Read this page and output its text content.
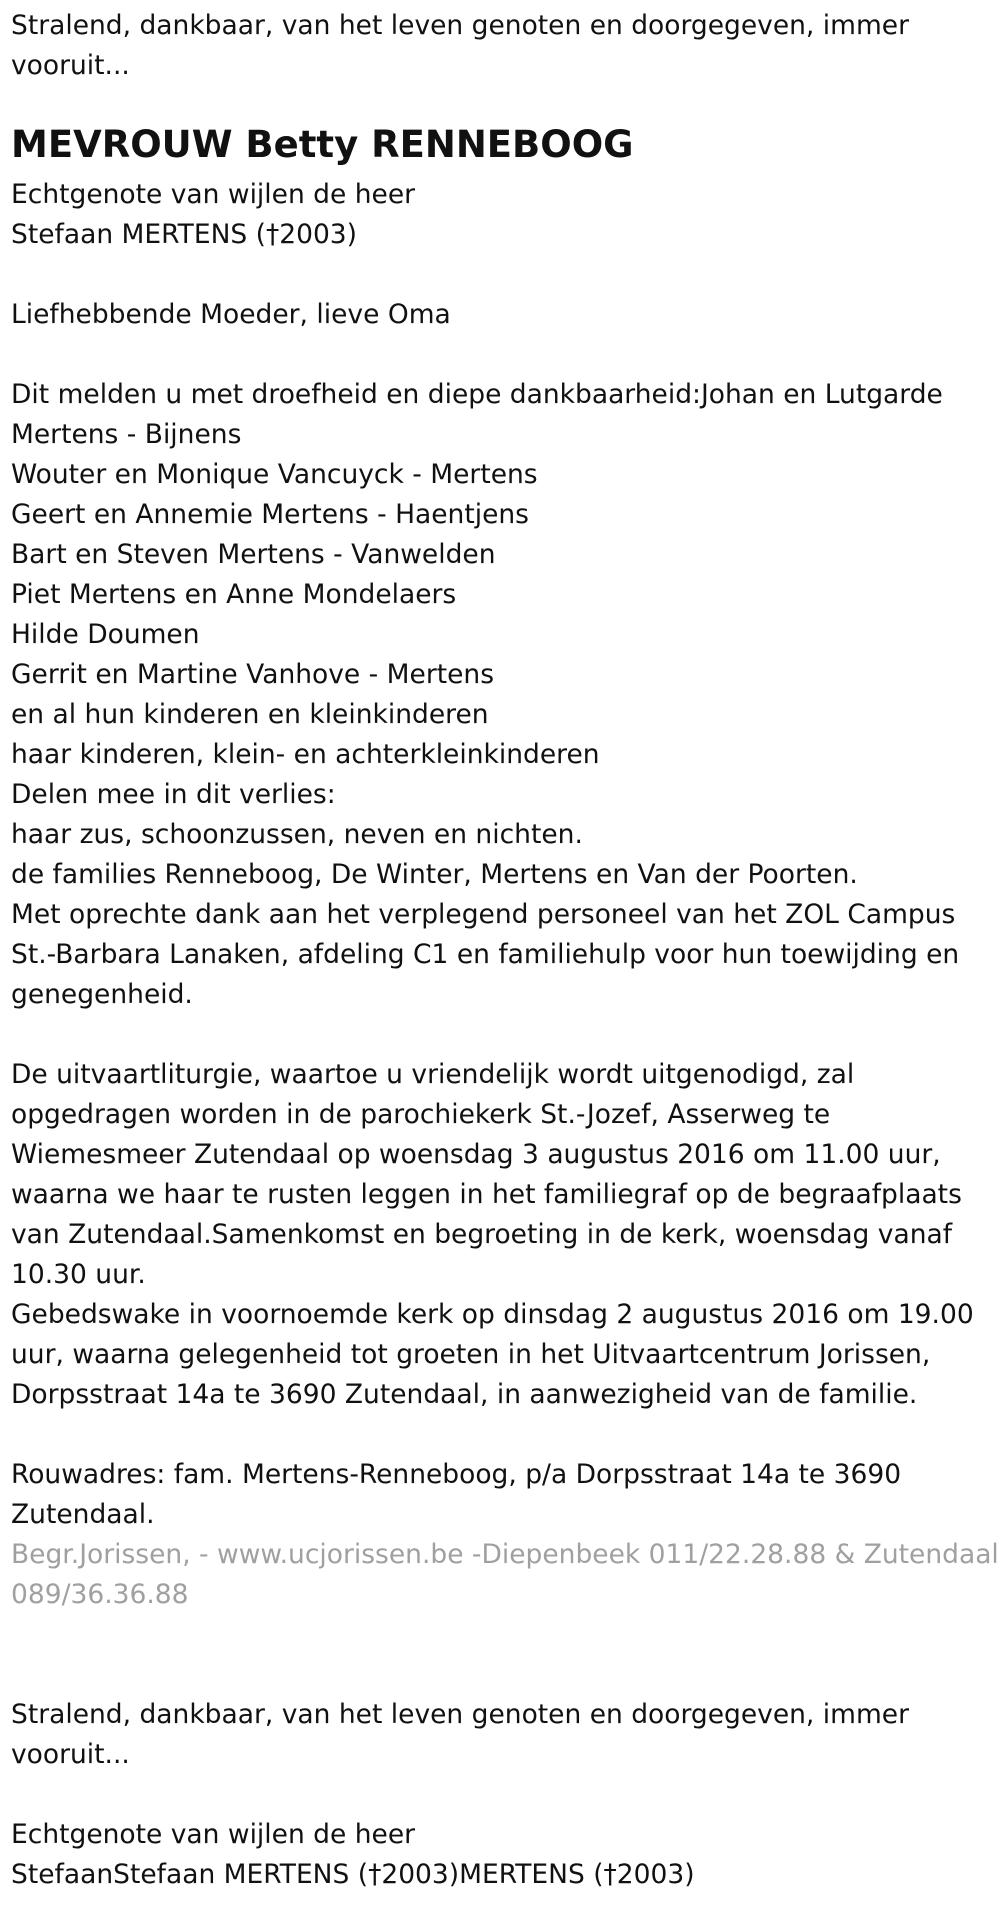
Stralend, dankbaar, van het leven genoten en doorgegeven, immer
vooruit...
MEVROUW Betty RENNEBOOG
Echtgenote van wijlen de heer
Stefaan MERTENS (†2003)
Liefhebbende Moeder, lieve Oma
Dit melden u met droefheid en diepe dankbaarheid:Johan en Lutgarde
Mertens - Bijnens
Wouter en Monique Vancuyck - Mertens
Geert en Annemie Mertens - Haentjens
Bart en Steven Mertens - Vanwelden
Piet Mertens en Anne Mondelaers
Hilde Doumen
Gerrit en Martine Vanhove - Mertens
en al hun kinderen en kleinkinderen
haar kinderen, klein- en achterkleinkinderen
Delen mee in dit verlies:
haar zus, schoonzussen, neven en nichten.
de families Renneboog, De Winter, Mertens en Van der Poorten.
Met oprechte dank aan het verplegend personeel van het ZOL Campus
St.-Barbara Lanaken, afdeling C1 en familiehulp voor hun toewijding en
genegenheid.
De uitvaartliturgie, waartoe u vriendelijk wordt uitgenodigd, zal
opgedragen worden in de parochiekerk St.-Jozef, Asserweg te
Wiemesmeer Zutendaal op woensdag 3 augustus 2016 om 11.00 uur,
waarna we haar te rusten leggen in het familiegraf op de begraafplaats
van Zutendaal.Samenkomst en begroeting in de kerk, woensdag vanaf
10.30 uur.
Gebedswake in voornoemde kerk op dinsdag 2 augustus 2016 om 19.00
uur, waarna gelegenheid tot groeten in het Uitvaartcentrum Jorissen,
Dorpsstraat 14a te 3690 Zutendaal, in aanwezigheid van de familie.
Rouwadres: fam. Mertens-Renneboog, p/a Dorpsstraat 14a te 3690
Zutendaal.
Begr.Jorissen, - www.ucjorissen.be -Diepenbeek 011/22.28.88 & Zutendaal
089/36.36.88
Stralend, dankbaar, van het leven genoten en doorgegeven, immer
vooruit...
Echtgenote van wijlen de heer
StefaanStefaan MERTENS (†2003)MERTENS (†2003)
